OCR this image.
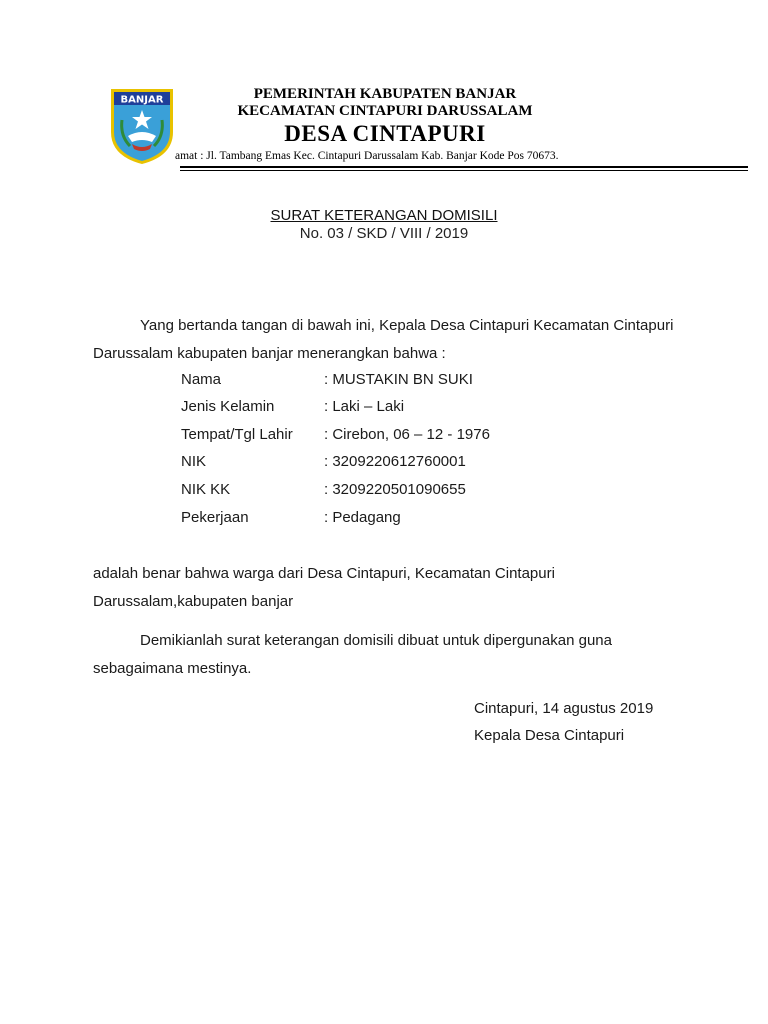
BANJAR	PEMERINTAH KABUPATEN BANJAR
KECAMATAN CINTAPURI DARUSSALAM
DESA CINTAPURI
amat : Jl. Tambang Emas Kec. Cintapuri Darussalam Kab. Banjar Kode Pos 70673.
SURAT KETERANGAN DOMISILI
No. 03 / SKD / VIII / 2019
Yang bertanda tangan di bawah ini, Kepala Desa Cintapuri Kecamatan Cintapuri Darussalam kabupaten banjar menerangkan bahwa :
Nama	: MUSTAKIN BN SUKI
Jenis Kelamin	: Laki – Laki
Tempat/Tgl Lahir : Cirebon, 06 – 12 - 1976
NIK	: 3209220612760001
NIK KK	: 3209220501090655
Pekerjaan	: Pedagang
adalah benar bahwa warga dari Desa Cintapuri, Kecamatan Cintapuri Darussalam,kabupaten banjar
Demikianlah surat keterangan domisili dibuat untuk dipergunakan guna sebagaimana mestinya.
Cintapuri, 14 agustus 2019
Kepala Desa Cintapuri
